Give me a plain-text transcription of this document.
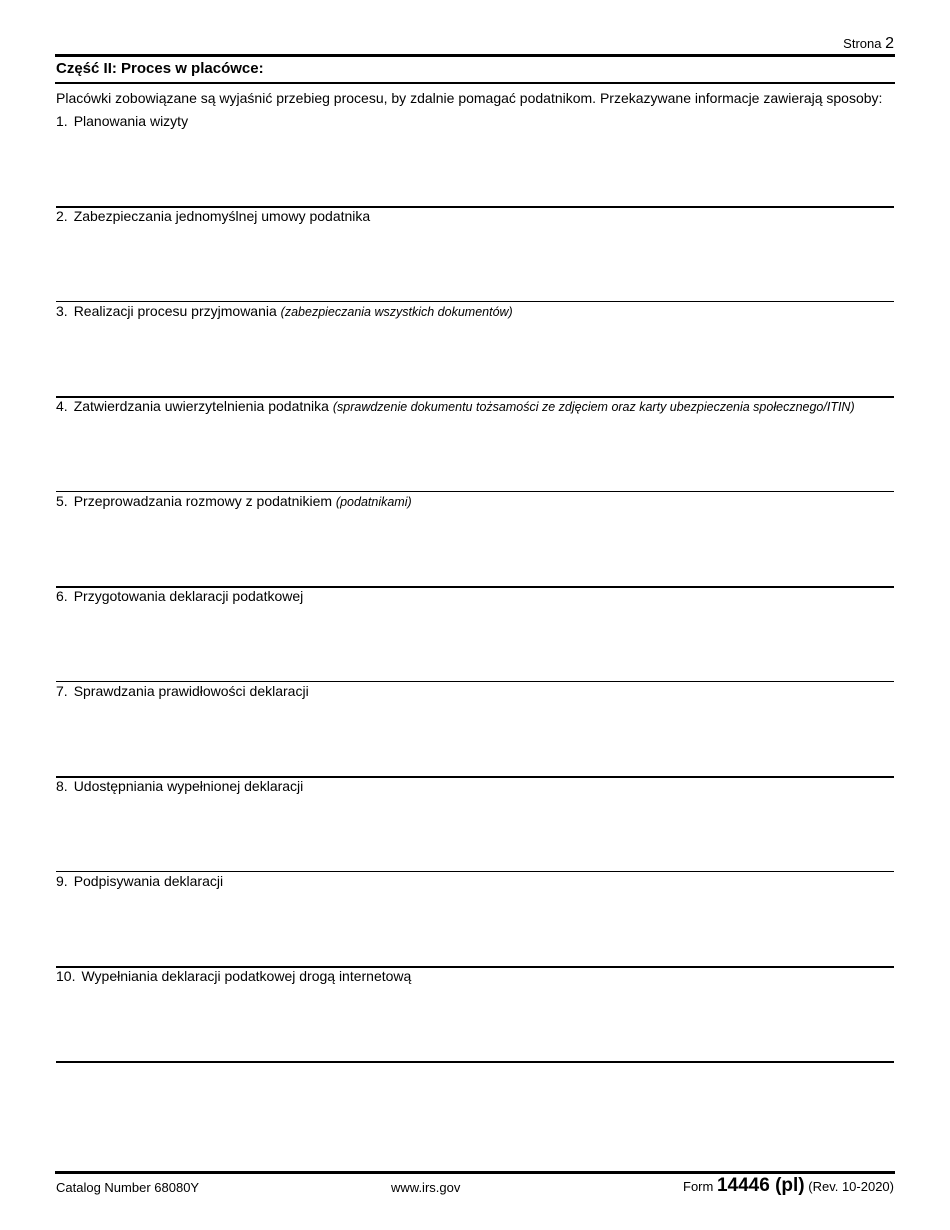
Strona 2
Część II: Proces w placówce:
Placówki zobowiązane są wyjaśnić przebieg procesu, by zdalnie pomagać podatnikom. Przekazywane informacje zawierają sposoby:
1. Planowania wizyty
2. Zabezpieczania jednomyślnej umowy podatnika
3. Realizacji procesu przyjmowania (zabezpieczania wszystkich dokumentów)
4. Zatwierdzania uwierzytelnienia podatnika (sprawdzenie dokumentu tożsamości ze zdjęciem oraz karty ubezpieczenia społecznego/ITIN)
5. Przeprowadzania rozmowy z podatnikiem (podatnikami)
6. Przygotowania deklaracji podatkowej
7. Sprawdzania prawidłowości deklaracji
8. Udostępniania wypełnionej deklaracji
9. Podpisywania deklaracji
10. Wypełniania deklaracji podatkowej drogą internetową
Catalog Number 68080Y	www.irs.gov	Form 14446 (pl) (Rev. 10-2020)
